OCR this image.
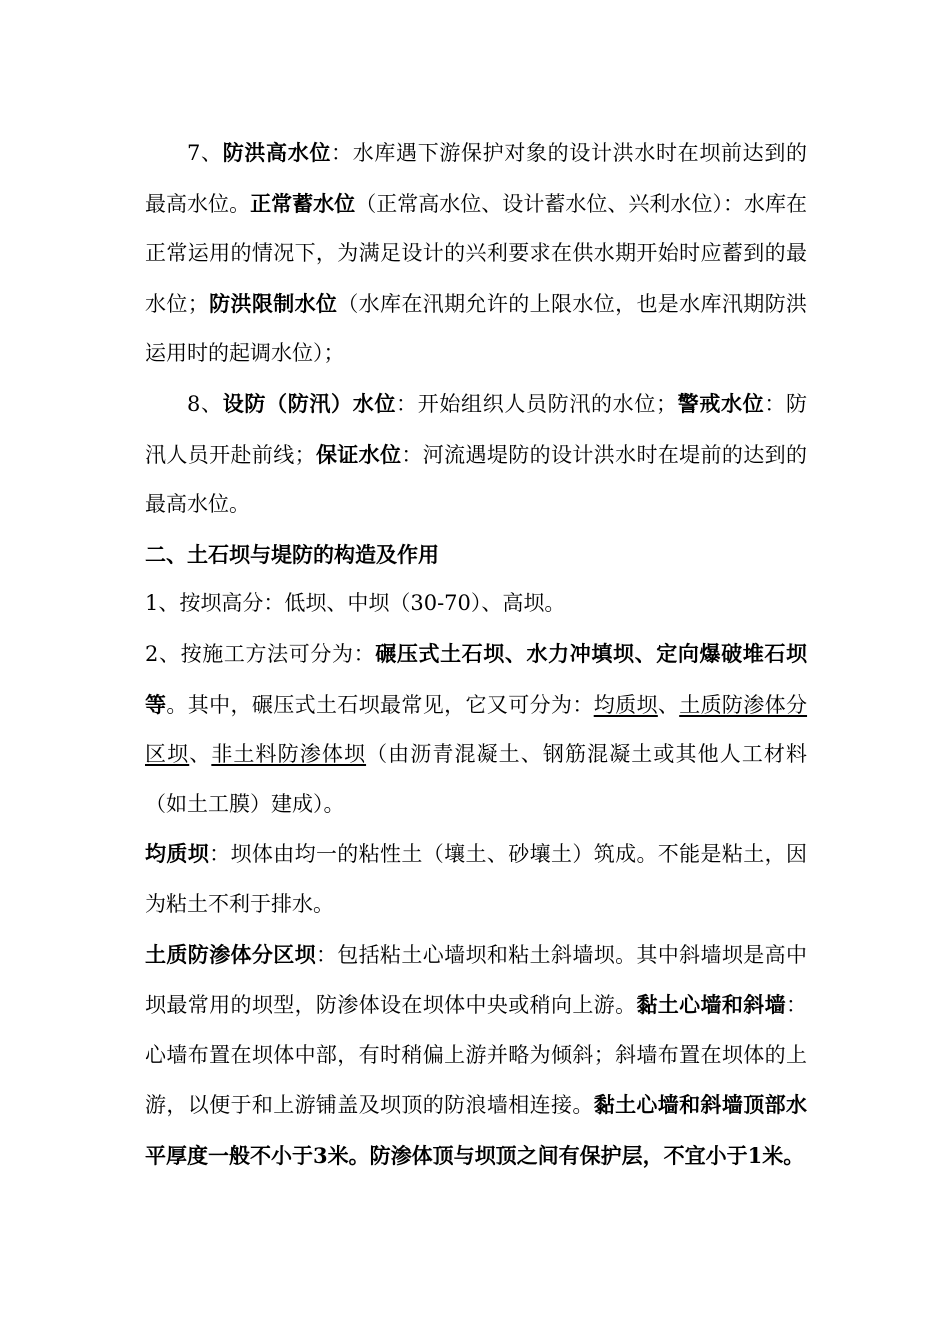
7、防洪高水位：水库遇下游保护对象的设计洪水时在坝前达到的最高水位。正常蓄水位（正常高水位、设计蓄水位、兴利水位）：水库在正常运用的情况下，为满足设计的兴利要求在供水期开始时应蓄到的最水位；防洪限制水位（水库在汛期允许的上限水位，也是水库汛期防洪运用时的起调水位）；

8、设防（防汛）水位：开始组织人员防汛的水位；警戒水位：防汛人员开赴前线；保证水位：河流遇堤防的设计洪水时在堤前的达到的最高水位。

二、土石坝与堤防的构造及作用

1、按坝高分：低坝、中坝（30-70）、高坝。

2、按施工方法可分为：碾压式土石坝、水力冲填坝、定向爆破堆石坝等。其中，碾压式土石坝最常见，它又可分为：均质坝、土质防渗体分区坝、非土料防渗体坝（由沥青混凝土、钢筋混凝土或其他人工材料（如土工膜）建成）。

均质坝：坝体由均一的粘性土（壤土、砂壤土）筑成。不能是粘土，因为粘土不利于排水。

土质防渗体分区坝：包括粘土心墙坝和粘土斜墙坝。其中斜墙坝是高中坝最常用的坝型，防渗体设在坝体中央或稍向上游。黏土心墙和斜墙：心墙布置在坝体中部，有时稍偏上游并略为倾斜；斜墙布置在坝体的上游，以便于和上游铺盖及坝顶的防浪墙相连接。黏土心墙和斜墙顶部水平厚度一般不小于3米。防渗体顶与坝顶之间有保护层，不宜小于1米。
